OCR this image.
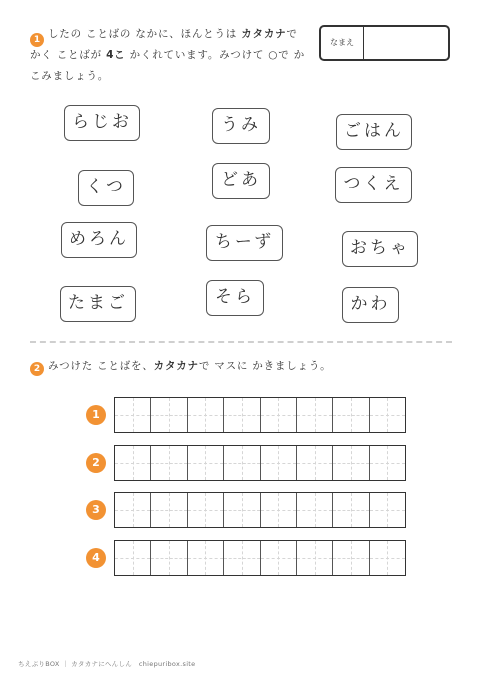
1 したの ことばの なかに、ほんとうは カタカナで
かく ことばが 4こ かくれています。みつけて ○で か
こみましょう。
なまえ
らじお	うみ	ごはん
くつ	どあ	つくえ
めろん	ちーず	おちゃ
たまご	そら	かわ
2 みつけた ことばを、カタカナで マスに かきましょう。
1
2
3
4
ちえぶりBOX ｜ カタカナにへんしん　chiepuribox.site
